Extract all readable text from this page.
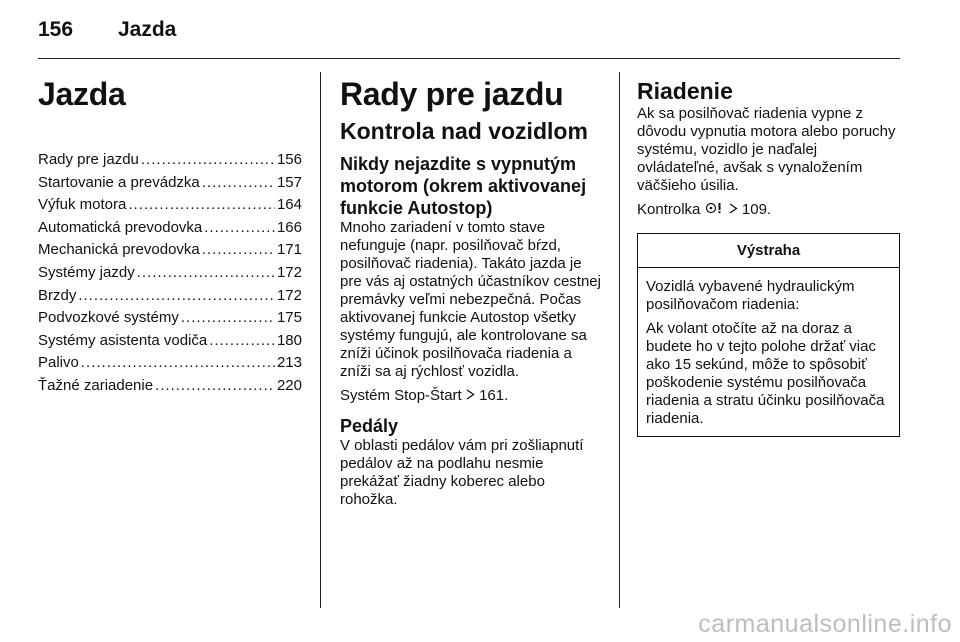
156 Jazda
Jazda
Rady pre jazdu .....	156
Startovanie a prevádzka .....	157
Výfuk motora .....	164
Automatická prevodovka .....	166
Mechanická prevodovka .....	171
Systémy jazdy .....	172
Brzdy .....	172
Podvozkové systémy .....	175
Systémy asistenta vodiča .....	180
Palivo .....	213
Ťažné zariadenie .....	220
Rady pre jazdu
Kontrola nad vozidlom
Nikdy nejazdite s vypnutým motorom (okrem aktivovanej funkcie Autostop)

Mnoho zariadení v tomto stave nefunguje (napr. posilňovač bŕzd, posilňovač riadenia). Takáto jazda je pre vás aj ostatných účastníkov cestnej premávky veľmi nebezpečná. Počas aktivovanej funkcie Autostop všetky systémy fungujú, ale kontrolovane sa zníži účinok posilňovača riadenia a zníži sa aj rýchlosť vozidla.

Systém Stop-Štart 161.

Pedály

V oblasti pedálov vám pri zošliapnutí pedálov až na podlahu nesmie prekážať žiadny koberec alebo rohožka.

Riadenie

Ak sa posilňovač riadenia vypne z dôvodu vypnutia motora alebo poruchy systému, vozidlo je naďalej ovládateľné, avšak s vynaložením väčšieho úsilia.

Kontrolka	109.

Výstraha

Vozidlá vybavené hydraulickým posilňovačom riadenia:

Ak volant otočíte až na doraz a budete ho v tejto polohe držať viac ako 15 sekúnd, môže to spôsobiť poškodenie systému posilňovača riadenia a stratu účinku posilňovača riadenia.

carmanualsonline.info
